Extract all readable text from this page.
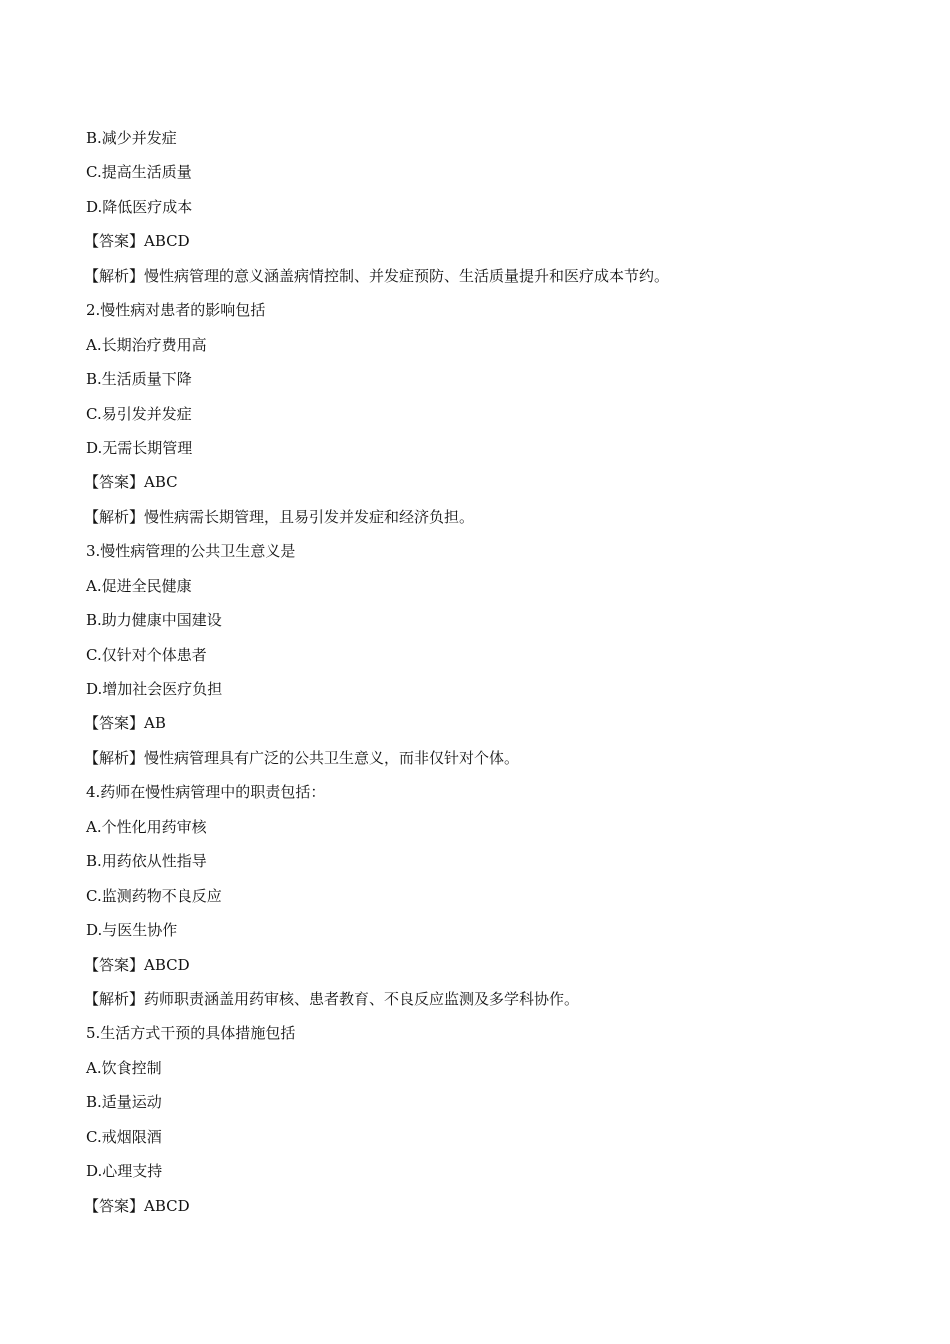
B.减少并发症
C.提高生活质量
D.降低医疗成本
【答案】ABCD
【解析】慢性病管理的意义涵盖病情控制、并发症预防、生活质量提升和医疗成本节约。
2.慢性病对患者的影响包括
A.长期治疗费用高
B.生活质量下降
C.易引发并发症
D.无需长期管理
【答案】ABC
【解析】慢性病需长期管理，且易引发并发症和经济负担。
3.慢性病管理的公共卫生意义是
A.促进全民健康
B.助力健康中国建设
C.仅针对个体患者
D.增加社会医疗负担
【答案】AB
【解析】慢性病管理具有广泛的公共卫生意义，而非仅针对个体。
4.药师在慢性病管理中的职责包括：
A.个性化用药审核
B.用药依从性指导
C.监测药物不良反应
D.与医生协作
【答案】ABCD
【解析】药师职责涵盖用药审核、患者教育、不良反应监测及多学科协作。
5.生活方式干预的具体措施包括
A.饮食控制
B.适量运动
C.戒烟限酒
D.心理支持
【答案】ABCD
